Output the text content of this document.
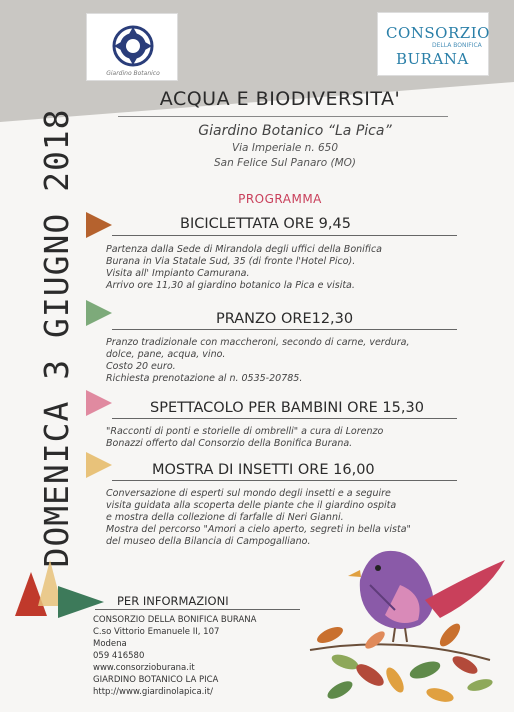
Giardino Botanico
CONSORZIO
DELLA BONIFICA
BURANA
DOMENICA 3 GIUGNO 2018
ACQUA E BIODIVERSITA'
Giardino Botanico “La Pica”
Via Imperiale n. 650
San Felice Sul Panaro (MO)
PROGRAMMA
BICICLETTATA ORE 9,45

Partenza dalla Sede di Mirandola degli uffici della Bonifica

Burana in Via Statale Sud, 35 (di fronte l'Hotel Pico).

Visita all' Impianto Camurana.

Arrivo ore 11,30 al giardino botanico la Pica e visita.

PRANZO ORE12,30

Pranzo tradizionale con maccheroni, secondo di carne, verdura,

dolce, pane, acqua, vino.

Costo 20 euro.

Richiesta prenotazione al n. 0535-20785.

SPETTACOLO PER BAMBINI ORE 15,30

"Racconti di ponti e storielle di ombrelli" a cura di Lorenzo

Bonazzi offerto dal Consorzio della Bonifica Burana.

MOSTRA DI INSETTI ORE 16,00

Conversazione di esperti sul mondo degli insetti e a seguire

visita guidata alla scoperta delle piante che il giardino ospita

e mostra della collezione di farfalle di Neri Gianni.

Mostra del percorso "Amori a cielo aperto, segreti in bella vista"

del museo della Bilancia di Campogalliano.

PER INFORMAZIONI
CONSORZIO DELLA BONIFICA BURANA
C.so Vittorio Emanuele II, 107
Modena
059 416580
www.consorzioburana.it
GIARDINO BOTANICO LA PICA
http://www.giardinolapica.it/
